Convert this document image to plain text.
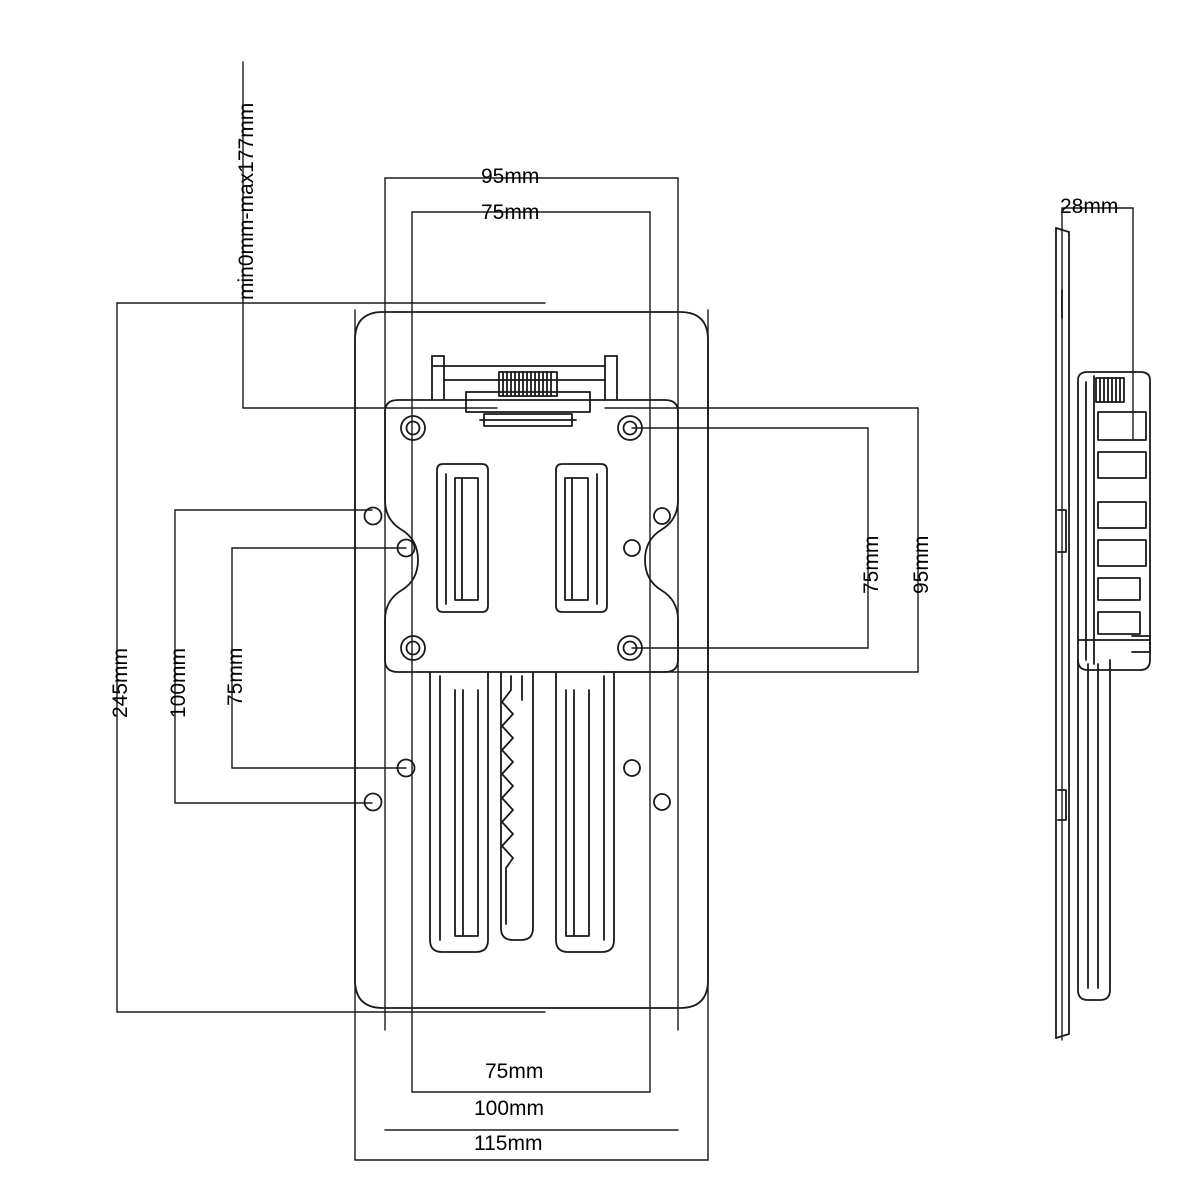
95mm
75mm
min0mm-max177mm
245mm 100mm 75mm
75mm 95mm
75mm
100mm
115mm
28mm
